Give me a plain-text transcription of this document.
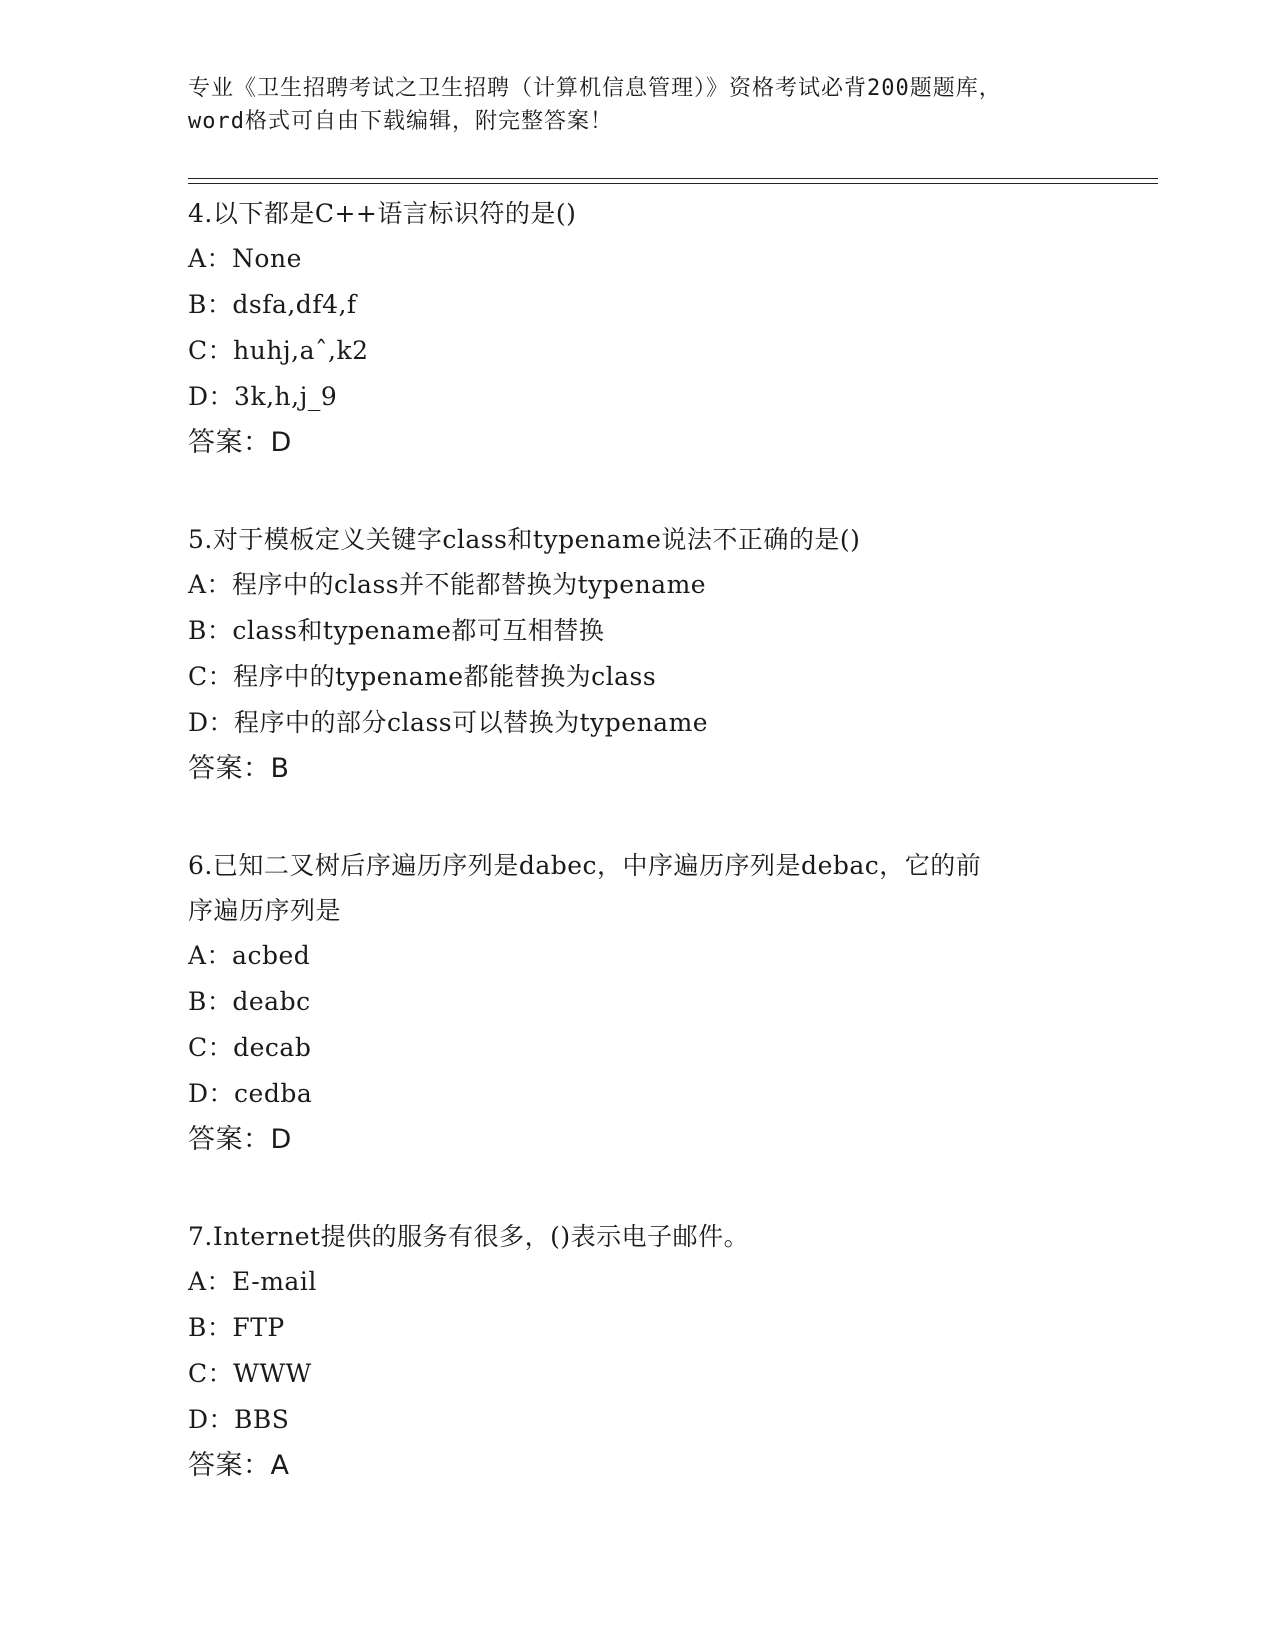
专业《卫生招聘考试之卫生招聘（计算机信息管理）》资格考试必背200题题库，
word格式可自由下载编辑，附完整答案！
4.以下都是C++语言标识符的是()
A：None
B：dsfa,df4,f
C：huhj,aˆ,k2
D：3k,h,j_9
答案：D
5.对于模板定义关键字class和typename说法不正确的是()
A：程序中的class并不能都替换为typename
B：class和typename都可互相替换
C：程序中的typename都能替换为class
D：程序中的部分class可以替换为typename
答案：B
6.已知二叉树后序遍历序列是dabec，中序遍历序列是debac，它的前
序遍历序列是
A：acbed
B：deabc
C：decab
D：cedba
答案：D
7.Internet提供的服务有很多，()表示电子邮件。
A：E-mail
B：FTP
C：WWW
D：BBS
答案：A
